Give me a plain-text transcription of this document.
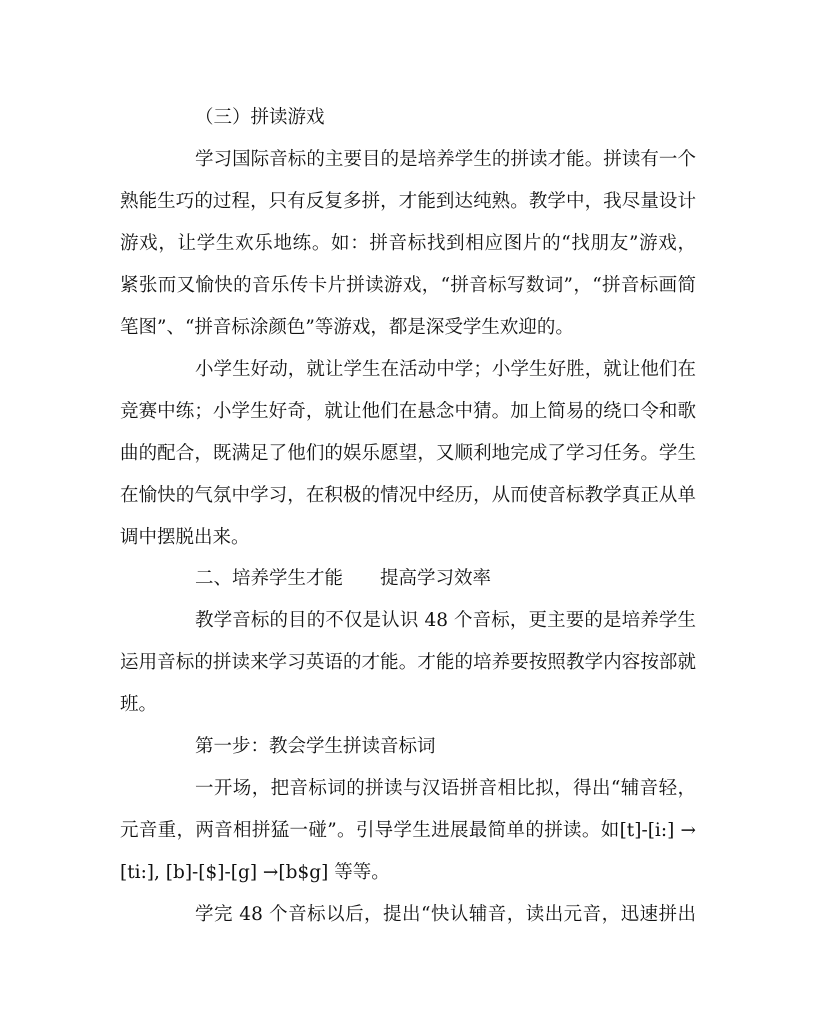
（三）拼读游戏
学习国际音标的主要目的是培养学生的拼读才能。拼读有一个
熟能生巧的过程，只有反复多拼，才能到达纯熟。教学中，我尽量设计
游戏，让学生欢乐地练。如：拼音标找到相应图片的“找朋友”游戏，
紧张而又愉快的音乐传卡片拼读游戏，“拼音标写数词”，“拼音标画简
笔图”、“拼音标涂颜色”等游戏，都是深受学生欢迎的。
小学生好动，就让学生在活动中学；小学生好胜，就让他们在
竞赛中练；小学生好奇，就让他们在悬念中猜。加上简易的绕口令和歌
曲的配合，既满足了他们的娱乐愿望，又顺利地完成了学习任务。学生
在愉快的气氛中学习，在积极的情况中经历，从而使音标教学真正从单
调中摆脱出来。
二、培养学生才能　　提高学习效率
教学音标的目的不仅是认识 48 个音标，更主要的是培养学生
运用音标的拼读来学习英语的才能。才能的培养要按照教学内容按部就
班。
第一步：教会学生拼读音标词
一开场，把音标词的拼读与汉语拼音相比拟，得出“辅音轻，
元音重，两音相拼猛一碰”。引导学生进展最简单的拼读。如[t]-[i:] →
[ti:], [b]-[$]-[g] →[b$g] 等等。
学完 48 个音标以后，提出“快认辅音，读出元音，迅速拼出
